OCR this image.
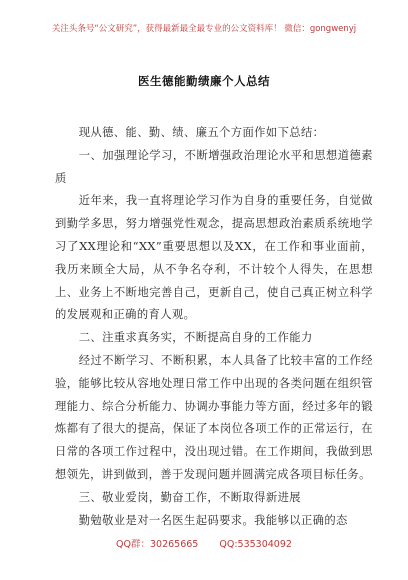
关注头条号“公文研究”，获得最新最全最专业的公文资料库！ 微信：gongwenyj
医生德能勤绩廉个人总结

现从德、能、勤、绩、廉五个方面作如下总结：

一、加强理论学习，不断增强政治理论水平和思想道德素质

近年来，我一直将理论学习作为自身的重要任务，自觉做到勤学多思，努力增强党性观念，提高思想政治素质系统地学习了XX理论和“XX”重要思想以及XX，在工作和事业面前，我历来顾全大局，从不争名夺利，不计较个人得失，在思想上、业务上不断地完善自己，更新自己，使自己真正树立科学的发展观和正确的育人观。

二、注重求真务实，不断提高自身的工作能力

经过不断学习、不断积累，本人具备了比较丰富的工作经验，能够比较从容地处理日常工作中出现的各类问题在组织管理能力、综合分析能力、协调办事能力等方面，经过多年的锻炼都有了很大的提高，保证了本岗位各项工作的正常运行，在日常的各项工作过程中，没出现过错。在工作期间，我做到思想领先，讲到做到，善于发现问题并圆满完成各项目标任务。

三、敬业爱岗，勤奋工作，不断取得新进展

勤勉敬业是对一名医生起码要求。我能够以正确的态

QQ群：30265665 QQ:535304092
